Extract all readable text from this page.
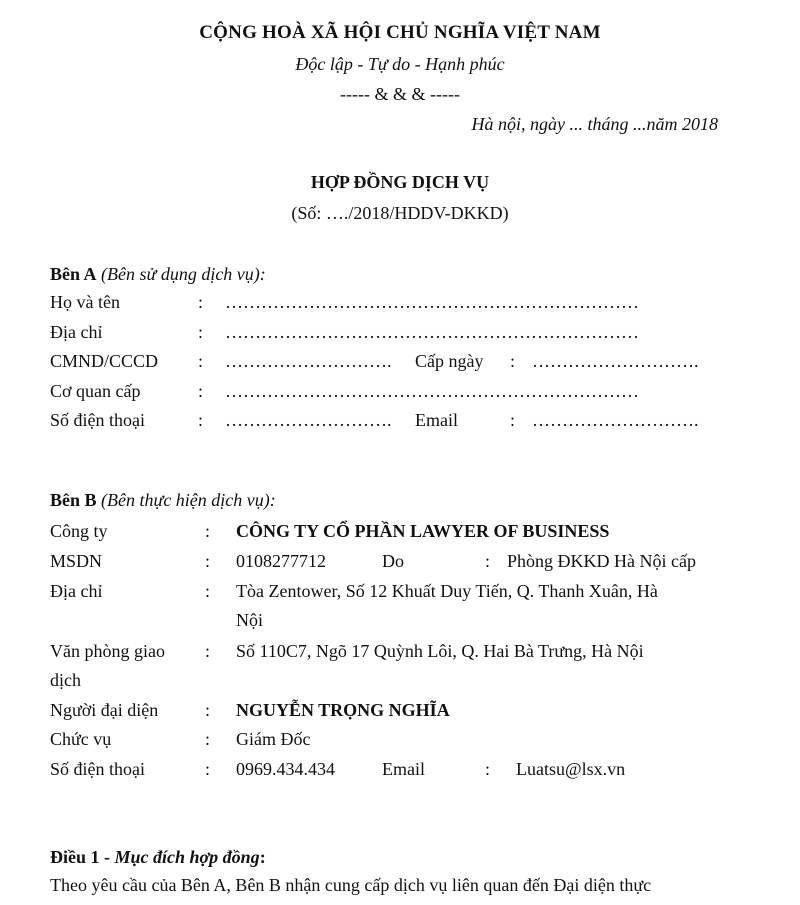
CỘNG HOÀ XÃ HỘI CHỦ NGHĨA VIỆT NAM
Độc lập - Tự do - Hạnh phúc
----- & & & -----
Hà nội, ngày ... tháng ...năm 2018
HỢP ĐỒNG DỊCH VỤ
(Số: …./2018/HDDV-DKKD)
Bên A (Bên sử dụng dịch vụ):
Họ và tên	: ……………………………………………………………
Địa chỉ	: ……………………………………………………………
CMND/CCCD : ………………………. Cấp ngày : ……………………….
Cơ quan cấp	: ……………………………………………………………
Số điện thoại	: ………………………. Email	: ……………………….
Bên B (Bên thực hiện dịch vụ):
Công ty	: CÔNG TY CỔ PHẦN LAWYER OF BUSINESS
MSDN	: 0108277712	Do	: Phòng ĐKKD Hà Nội cấp
Địa chỉ	: Tòa Zentower, Số 12 Khuất Duy Tiến, Q. Thanh Xuân, Hà
Nội
Văn phòng giao : Số 110C7, Ngõ 17 Quỳnh Lôi, Q. Hai Bà Trưng, Hà Nội
dịch
Người đại diện	: NGUYỄN TRỌNG NGHĨA
Chức vụ	: Giám Đốc
Số điện thoại	: 0969.434.434	Email	: Luatsu@lsx.vn
Điều 1 - Mục đích hợp đồng:
Theo yêu cầu của Bên A, Bên B nhận cung cấp dịch vụ liên quan đến Đại diện thực
